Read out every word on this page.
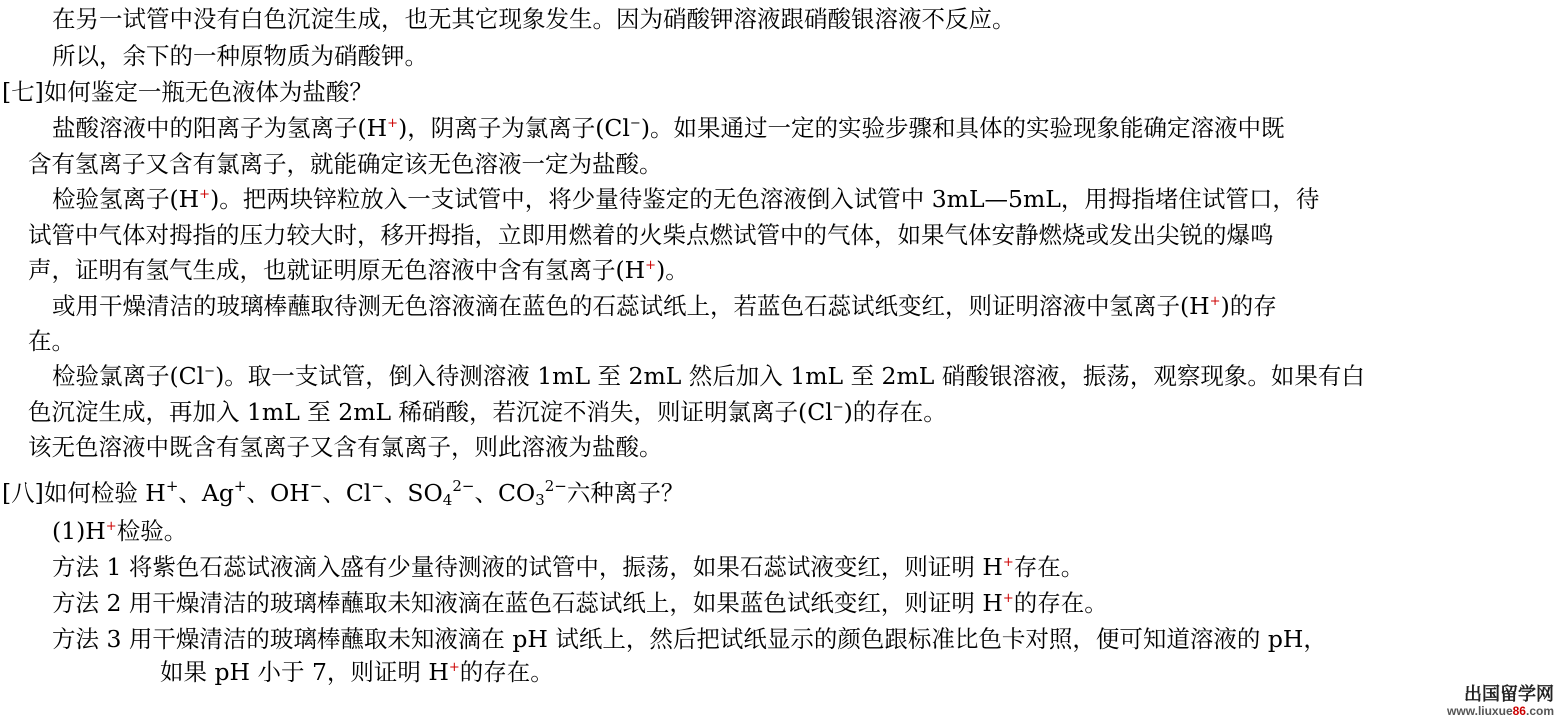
在另一试管中没有白色沉淀生成，也无其它现象发生。因为硝酸钾溶液跟硝酸银溶液不反应。
所以，余下的一种原物质为硝酸钾。
[七]如何鉴定一瓶无色液体为盐酸？
盐酸溶液中的阳离子为氢离子(H+)，阴离子为氯离子(Cl−)。如果通过一定的实验步骤和具体的实验现象能确定溶液中既
含有氢离子又含有氯离子，就能确定该无色溶液一定为盐酸。
检验氢离子(H+)。把两块锌粒放入一支试管中，将少量待鉴定的无色溶液倒入试管中 3mL—5mL，用拇指堵住试管口，待
试管中气体对拇指的压力较大时，移开拇指，立即用燃着的火柴点燃试管中的气体，如果气体安静燃烧或发出尖锐的爆鸣
声，证明有氢气生成，也就证明原无色溶液中含有氢离子(H+)。
或用干燥清洁的玻璃棒蘸取待测无色溶液滴在蓝色的石蕊试纸上，若蓝色石蕊试纸变红，则证明溶液中氢离子(H+)的存
在。
检验氯离子(Cl−)。取一支试管，倒入待测溶液 1mL 至 2mL 然后加入 1mL 至 2mL 硝酸银溶液，振荡，观察现象。如果有白
色沉淀生成，再加入 1mL 至 2mL 稀硝酸，若沉淀不消失，则证明氯离子(Cl−)的存在。
该无色溶液中既含有氢离子又含有氯离子，则此溶液为盐酸。
[八]如何检验 H+、Ag+、OH−、Cl−、$SO_4^{2-}$、$CO_3^{2-}$六种离子？
(1)H+检验。
方法 1 将紫色石蕊试液滴入盛有少量待测液的试管中，振荡，如果石蕊试液变红，则证明 H+存在。
方法 2 用干燥清洁的玻璃棒蘸取未知液滴在蓝色石蕊试纸上，如果蓝色试纸变红，则证明 H+的存在。
方法 3 用干燥清洁的玻璃棒蘸取未知液滴在 pH 试纸上，然后把试纸显示的颜色跟标准比色卡对照，便可知道溶液的 pH，
如果 pH 小于 7，则证明 H+的存在。
出国留学网
www.liuxue86.com
